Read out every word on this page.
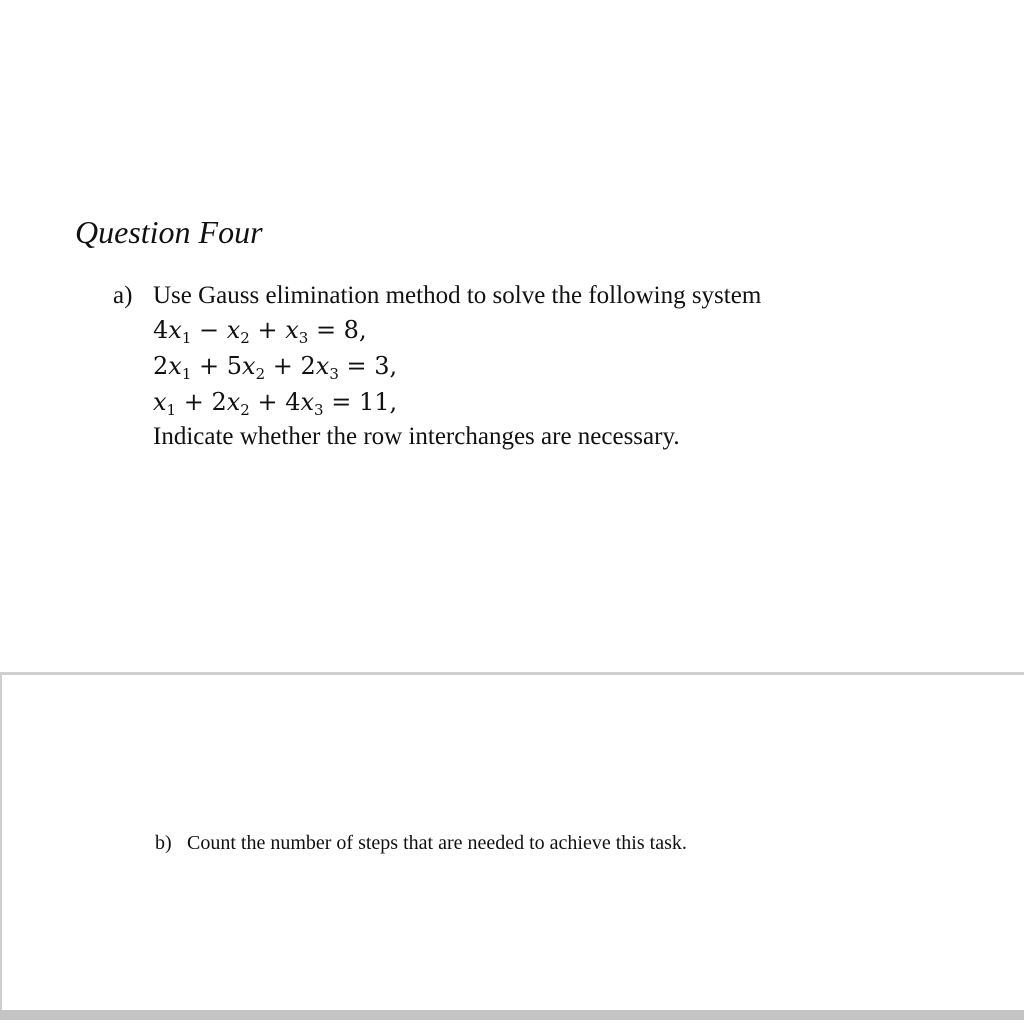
Question Four
a) Use Gauss elimination method to solve the following system
$4x_1 - x_2 + x_3 = 8$,
$2x_1 + 5x_2 + 2x_3 = 3$,
$x_1 + 2x_2 + 4x_3 = 11$,
Indicate whether the row interchanges are necessary.
b) Count the number of steps that are needed to achieve this task.
